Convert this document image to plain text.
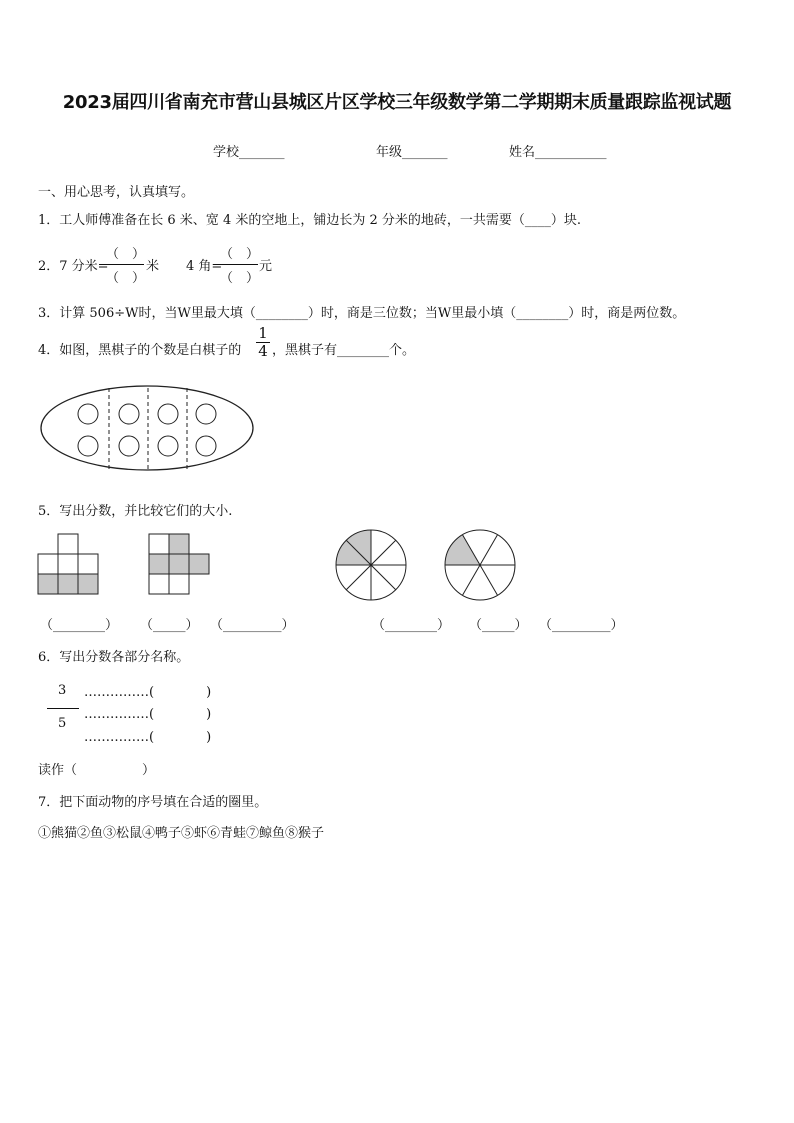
2023届四川省南充市营山县城区片区学校三年级数学第二学期期末质量跟踪监视试题
学校_______	年级_______	姓名___________
一、用心思考，认真填写。
1．工人师傅准备在长 6 米、宽 4 米的空地上，铺边长为 2 分米的地砖，一共需要（____）块.
2．7 分米=
（　）
（　）
米 4 角=
（　）
（　）
元
3．计算 506÷W时，当W里最大填（________）时，商是三位数；当W里最小填（________）时，商是两位数。
4．如图，黑棋子的个数是白棋子的
1
4 ，黑棋子有________个。
5．写出分数，并比较它们的大小.
（________） （_____） （_________）	（________） （_____） （_________）
6．写出分数各部分名称。
3
5
……………(　　　　)
……………(　　　　)
……………(　　　　)
读作（　　　　　）
7．把下面动物的序号填在合适的圈里。
①熊猫②鱼③松鼠④鸭子⑤虾⑥青蛙⑦鲸鱼⑧猴子
